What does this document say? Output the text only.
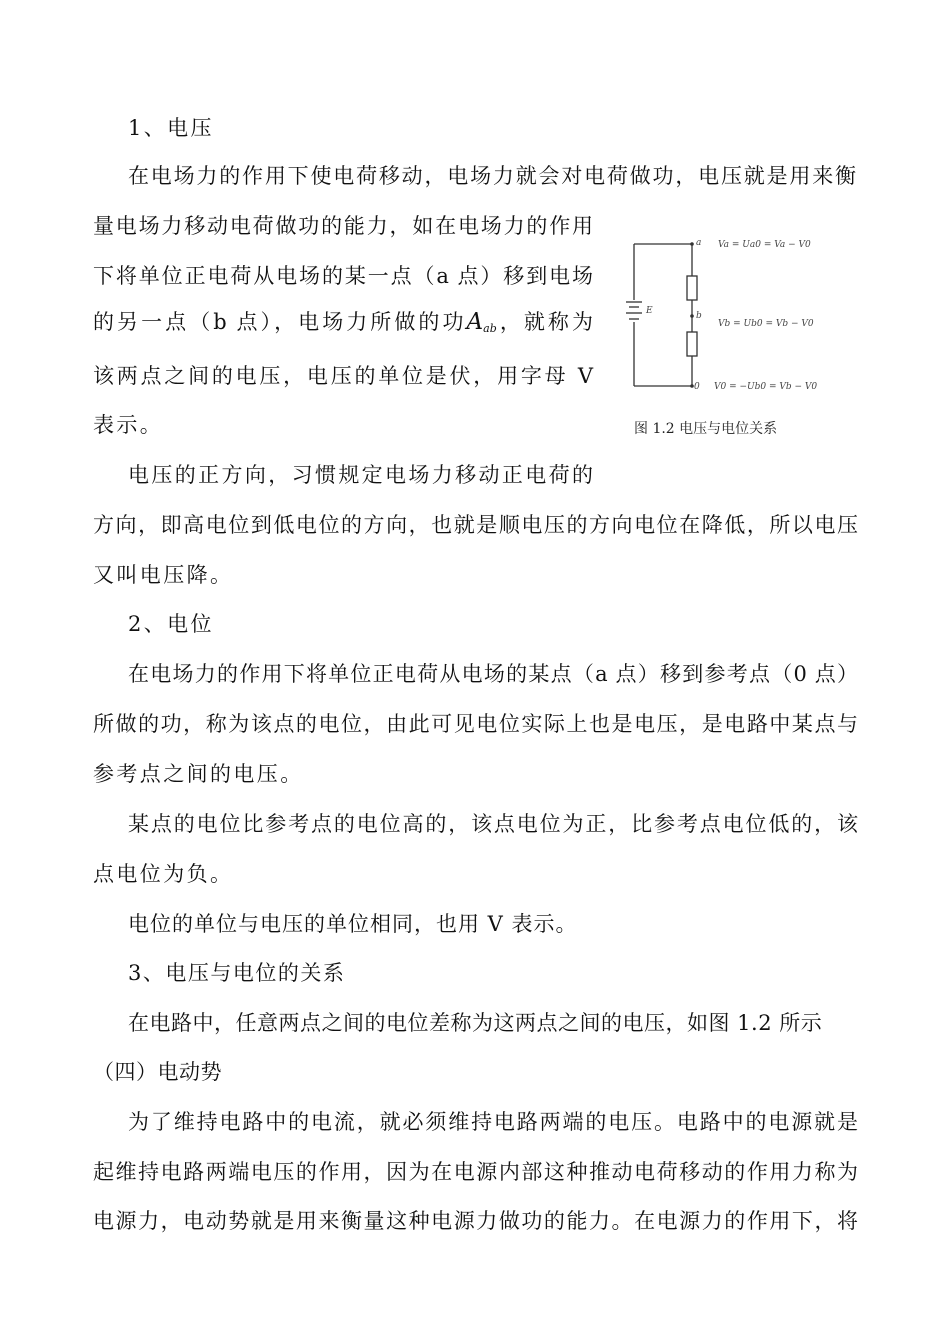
1、电压
在电场力的作用下使电荷移动，电场力就会对电荷做功，电压就是用来衡
量电场力移动电荷做功的能力，如在电场力的作用
下将单位正电荷从电场的某一点（a 点）移到电场
的另一点（b 点），电场力所做的功$A_{ab}$，就称为
该两点之间的电压，电压的单位是伏，用字母 V
表示。
电压的正方向，习惯规定电场力移动正电荷的
方向，即高电位到低电位的方向，也就是顺电压的方向电位在降低，所以电压
又叫电压降。
2、电位
在电场力的作用下将单位正电荷从电场的某点（a 点）移到参考点（0 点）
所做的功，称为该点的电位，由此可见电位实际上也是电压，是电路中某点与
参考点之间的电压。
某点的电位比参考点的电位高的，该点电位为正，比参考点电位低的，该
点电位为负。
电位的单位与电压的单位相同，也用 V 表示。
3、电压与电位的关系
在电路中，任意两点之间的电位差称为这两点之间的电压，如图 1.2 所示
（四）电动势
为了维持电路中的电流，就必须维持电路两端的电压。电路中的电源就是
起维持电路两端电压的作用，因为在电源内部这种推动电荷移动的作用力称为
电源力，电动势就是用来衡量这种电源力做功的能力。在电源力的作用下，将
a
b
0
E
Va = Ua0 = Va − V0
Vb = Ub0 = Vb − V0
V0 = −Ub0 = Vb − V0
图 1.2 电压与电位关系
